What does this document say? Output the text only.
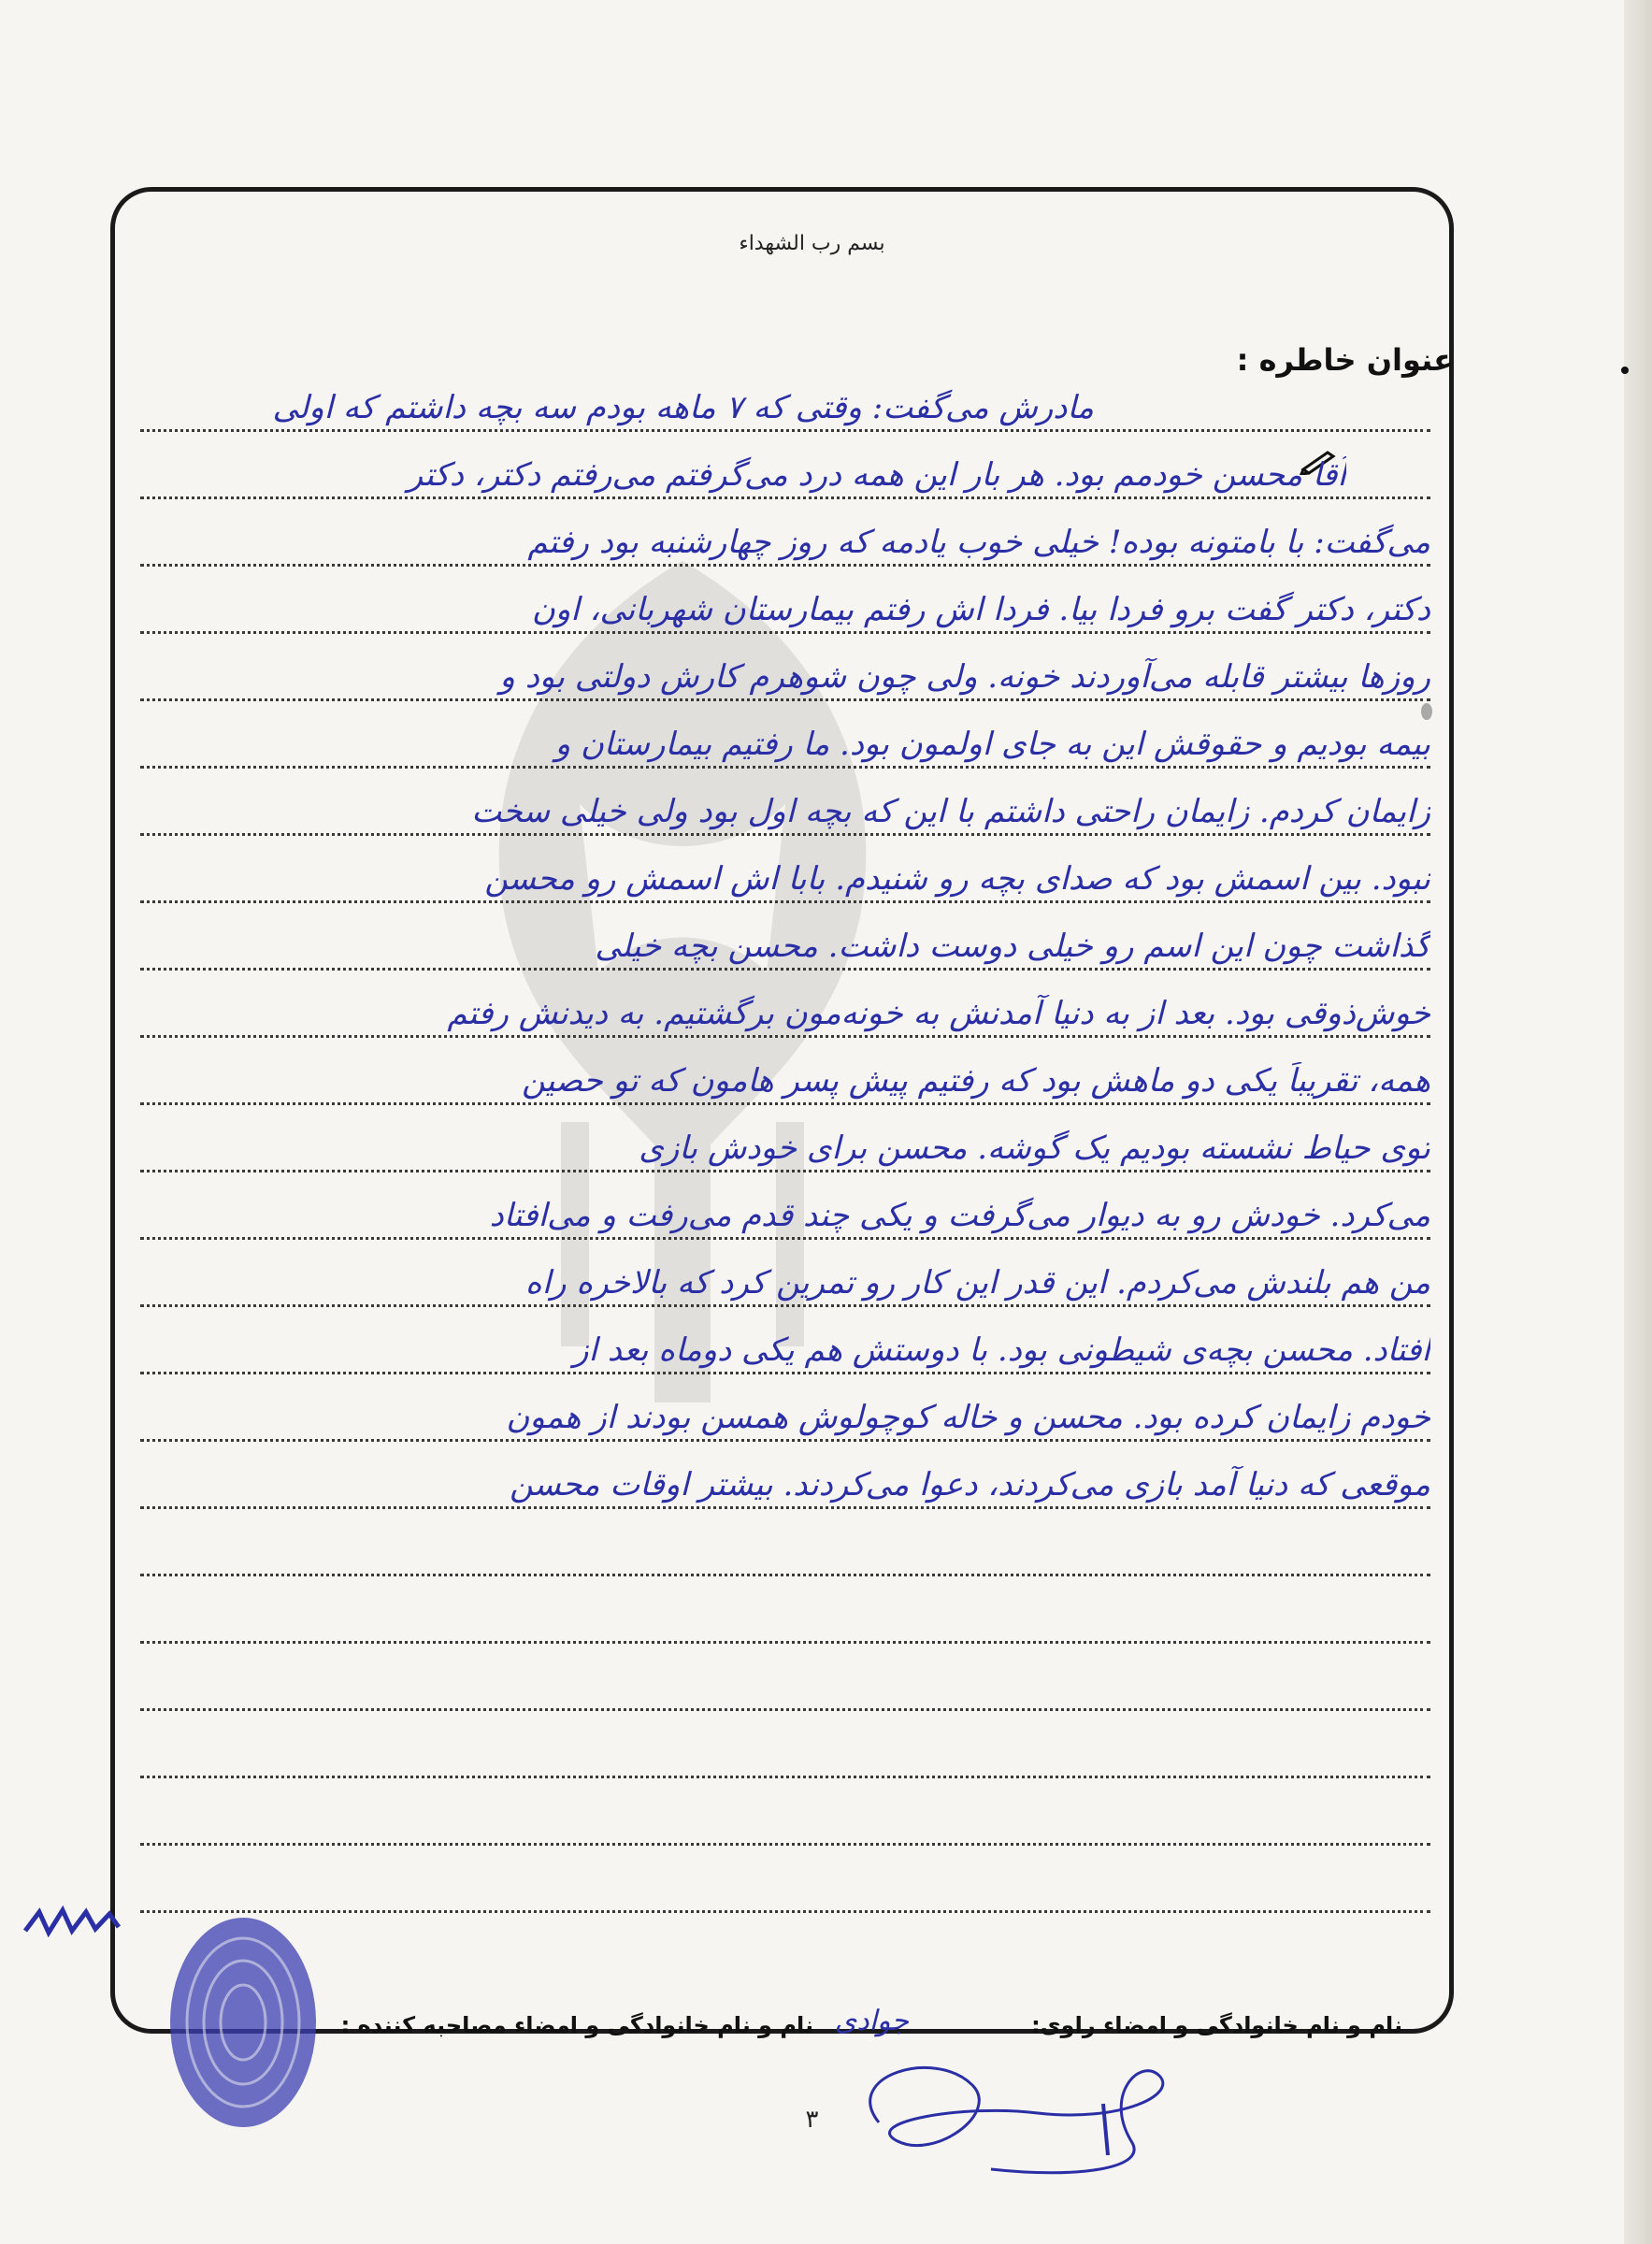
بسم رب الشهداء
عنوان خاطره :
مادرش می‌گفت: وقتی که ۷ ماهه بودم سه بچه داشتم که اولی
آقا محسن خودمم بود. هر بار این همه درد می‌گرفتم می‌رفتم دکتر، دکتر
می‌گفت: با بامتونه بوده! خیلی خوب یادمه که روز چهارشنبه بود رفتم
دکتر، دکتر گفت برو فردا بیا. فردا اش رفتم بیمارستان شهربانی، اون
روزها بیشتر قابله می‌آوردند خونه. ولی چون شوهرم کارش دولتی بود و
بیمه بودیم و حقوقش این به جای اولمون بود. ما رفتیم بیمارستان و
زایمان کردم. زایمان راحتی داشتم با این که بچه اول بود ولی خیلی سخت
نبود. بین اسمش بود که صدای بچه رو شنیدم. بابا اش اسمش رو محسن
گذاشت چون این اسم رو خیلی دوست داشت. محسن بچه خیلی
خوش‌ذوقی بود. بعد از به دنیا آمدنش به خونه‌مون برگشتیم. به دیدنش رفتم
همه، تقریباً یکی دو ماهش بود که رفتیم پیش پسر هامون که تو حصین
توی حیاط نشسته بودیم یک گوشه. محسن برای خودش بازی
می‌کرد. خودش رو به دیوار می‌گرفت و یکی چند قدم می‌رفت و می‌افتاد
من هم بلندش می‌کردم. این قدر این کار رو تمرین کرد که بالاخره راه
افتاد. محسن بچه‌ی شیطونی بود. با دوستش هم یکی دوماه بعد از
خودم زایمان کرده بود. محسن و خاله کوچولوش همسن بودند از همون
موقعی که دنیا آمد بازی می‌کردند، دعوا می‌کردند. بیشتر اوقات محسن
نام و نام خانوادگی و امضاء راوی:
جوادی
نام و نام خانوادگی و امضاء مصاحبه کننده :
۳
